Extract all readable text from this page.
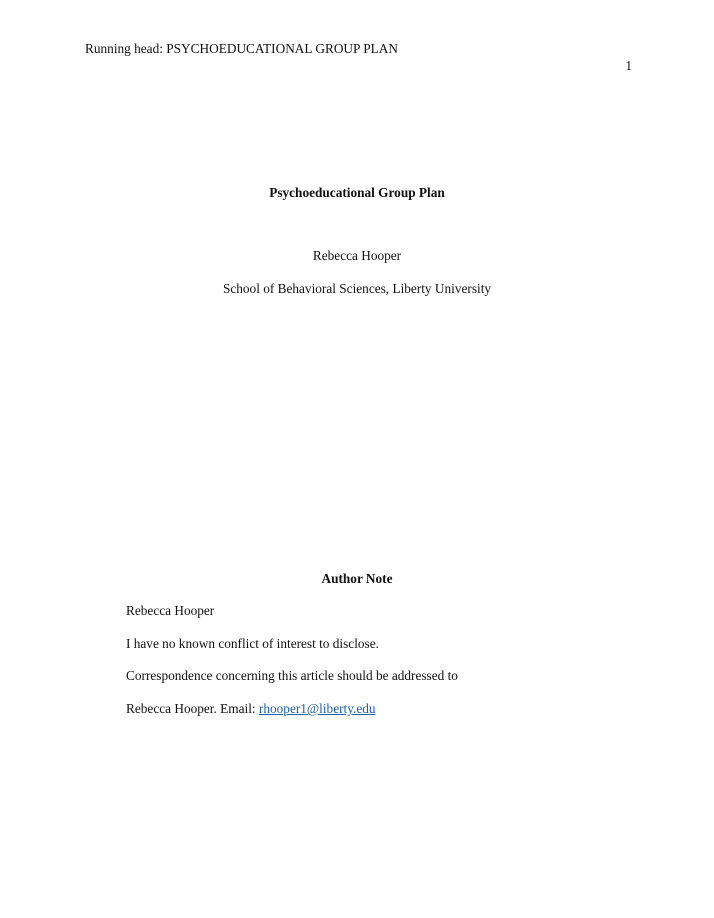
Running head: PSYCHOEDUCATIONAL GROUP PLAN
1
Psychoeducational Group Plan
Rebecca Hooper
School of Behavioral Sciences, Liberty University
Author Note
Rebecca Hooper
I have no known conflict of interest to disclose.
Correspondence concerning this article should be addressed to
Rebecca Hooper. Email: rhooper1@liberty.edu
